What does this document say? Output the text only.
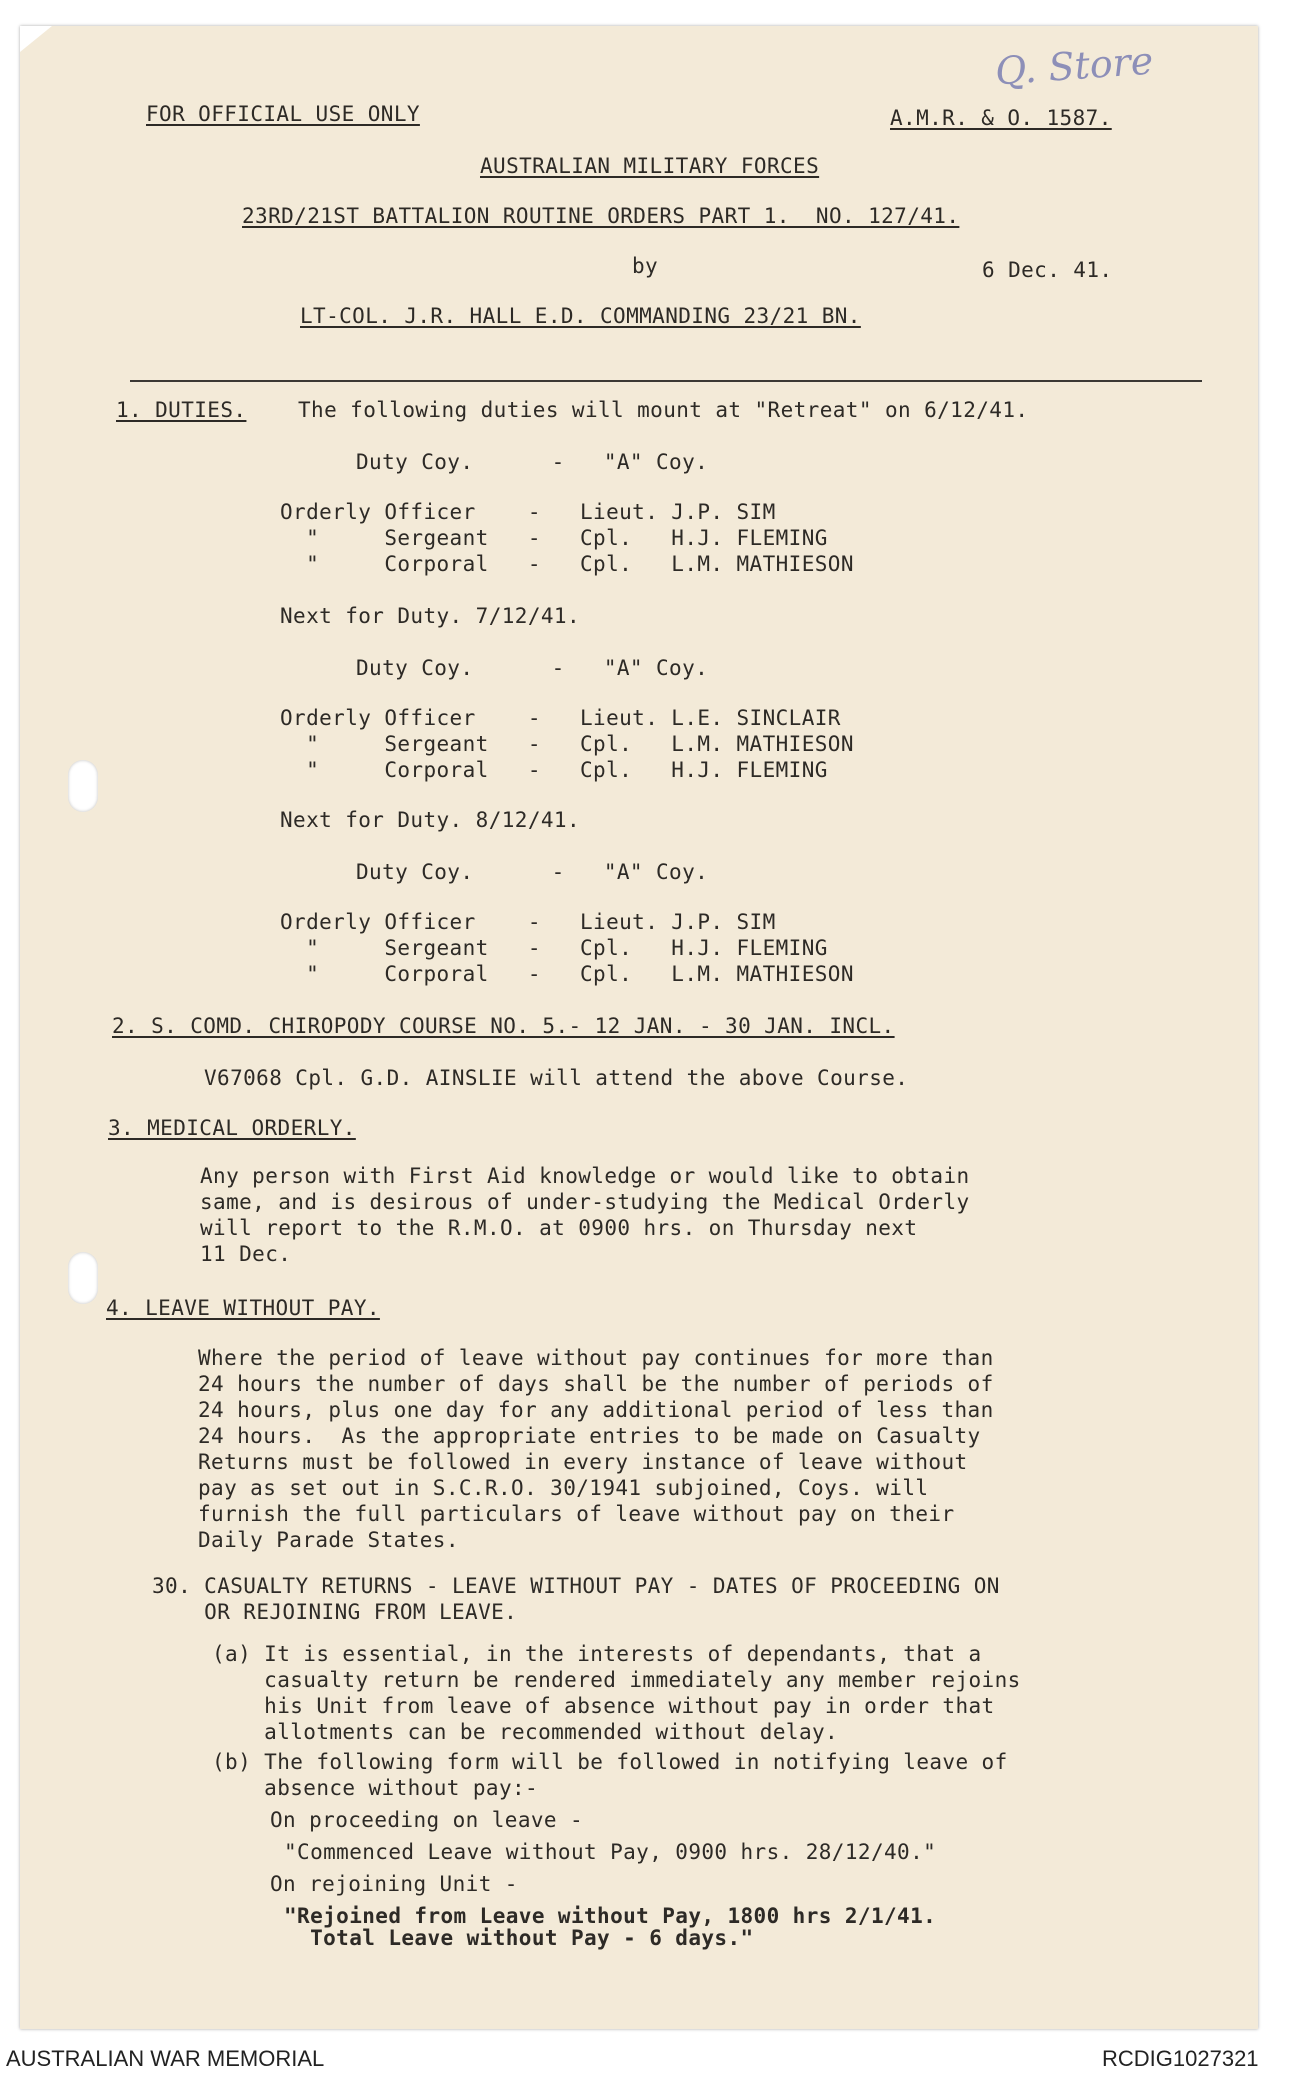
Q. Store
FOR OFFICIAL USE ONLY	A.M.R. & O. 1587.
AUSTRALIAN MILITARY FORCES
23RD/21ST BATTALION ROUTINE ORDERS PART 1.  NO. 127/41.
by	6 Dec. 41.
LT-COL. J.R. HALL E.D. COMMANDING 23/21 BN.
1. DUTIES. The following duties will mount at "Retreat" on 6/12/41.
Duty Coy.      -   "A" Coy.
Orderly Officer    -   Lieut. J.P. SIM
"     Sergeant   -   Cpl.   H.J. FLEMING
"     Corporal   -   Cpl.   L.M. MATHIESON
Next for Duty. 7/12/41.
Duty Coy.      -   "A" Coy.
Orderly Officer    -   Lieut. L.E. SINCLAIR
"     Sergeant   -   Cpl.   L.M. MATHIESON
"     Corporal   -   Cpl.   H.J. FLEMING
Next for Duty. 8/12/41.
Duty Coy.      -   "A" Coy.
Orderly Officer    -   Lieut. J.P. SIM
"     Sergeant   -   Cpl.   H.J. FLEMING
"     Corporal   -   Cpl.   L.M. MATHIESON
2. S. COMD. CHIROPODY COURSE NO. 5.- 12 JAN. - 30 JAN. INCL.
V67068 Cpl. G.D. AINSLIE will attend the above Course.
3. MEDICAL ORDERLY.
Any person with First Aid knowledge or would like to obtain
same, and is desirous of under-studying the Medical Orderly
will report to the R.M.O. at 0900 hrs. on Thursday next
11 Dec.
4. LEAVE WITHOUT PAY.
Where the period of leave without pay continues for more than
24 hours the number of days shall be the number of periods of
24 hours, plus one day for any additional period of less than
24 hours.  As the appropriate entries to be made on Casualty
Returns must be followed in every instance of leave without
pay as set out in S.C.R.O. 30/1941 subjoined, Coys. will
furnish the full particulars of leave without pay on their
Daily Parade States.
30. CASUALTY RETURNS - LEAVE WITHOUT PAY - DATES OF PROCEEDING ON
OR REJOINING FROM LEAVE.
(a) It is essential, in the interests of dependants, that a
casualty return be rendered immediately any member rejoins
his Unit from leave of absence without pay in order that
allotments can be recommended without delay.
(b) The following form will be followed in notifying leave of
absence without pay:-
On proceeding on leave -
"Commenced Leave without Pay, 0900 hrs. 28/12/40."
On rejoining Unit -
"Rejoined from Leave without Pay, 1800 hrs 2/1/41.
Total Leave without Pay - 6 days."
AUSTRALIAN WAR MEMORIAL	RCDIG1027321
